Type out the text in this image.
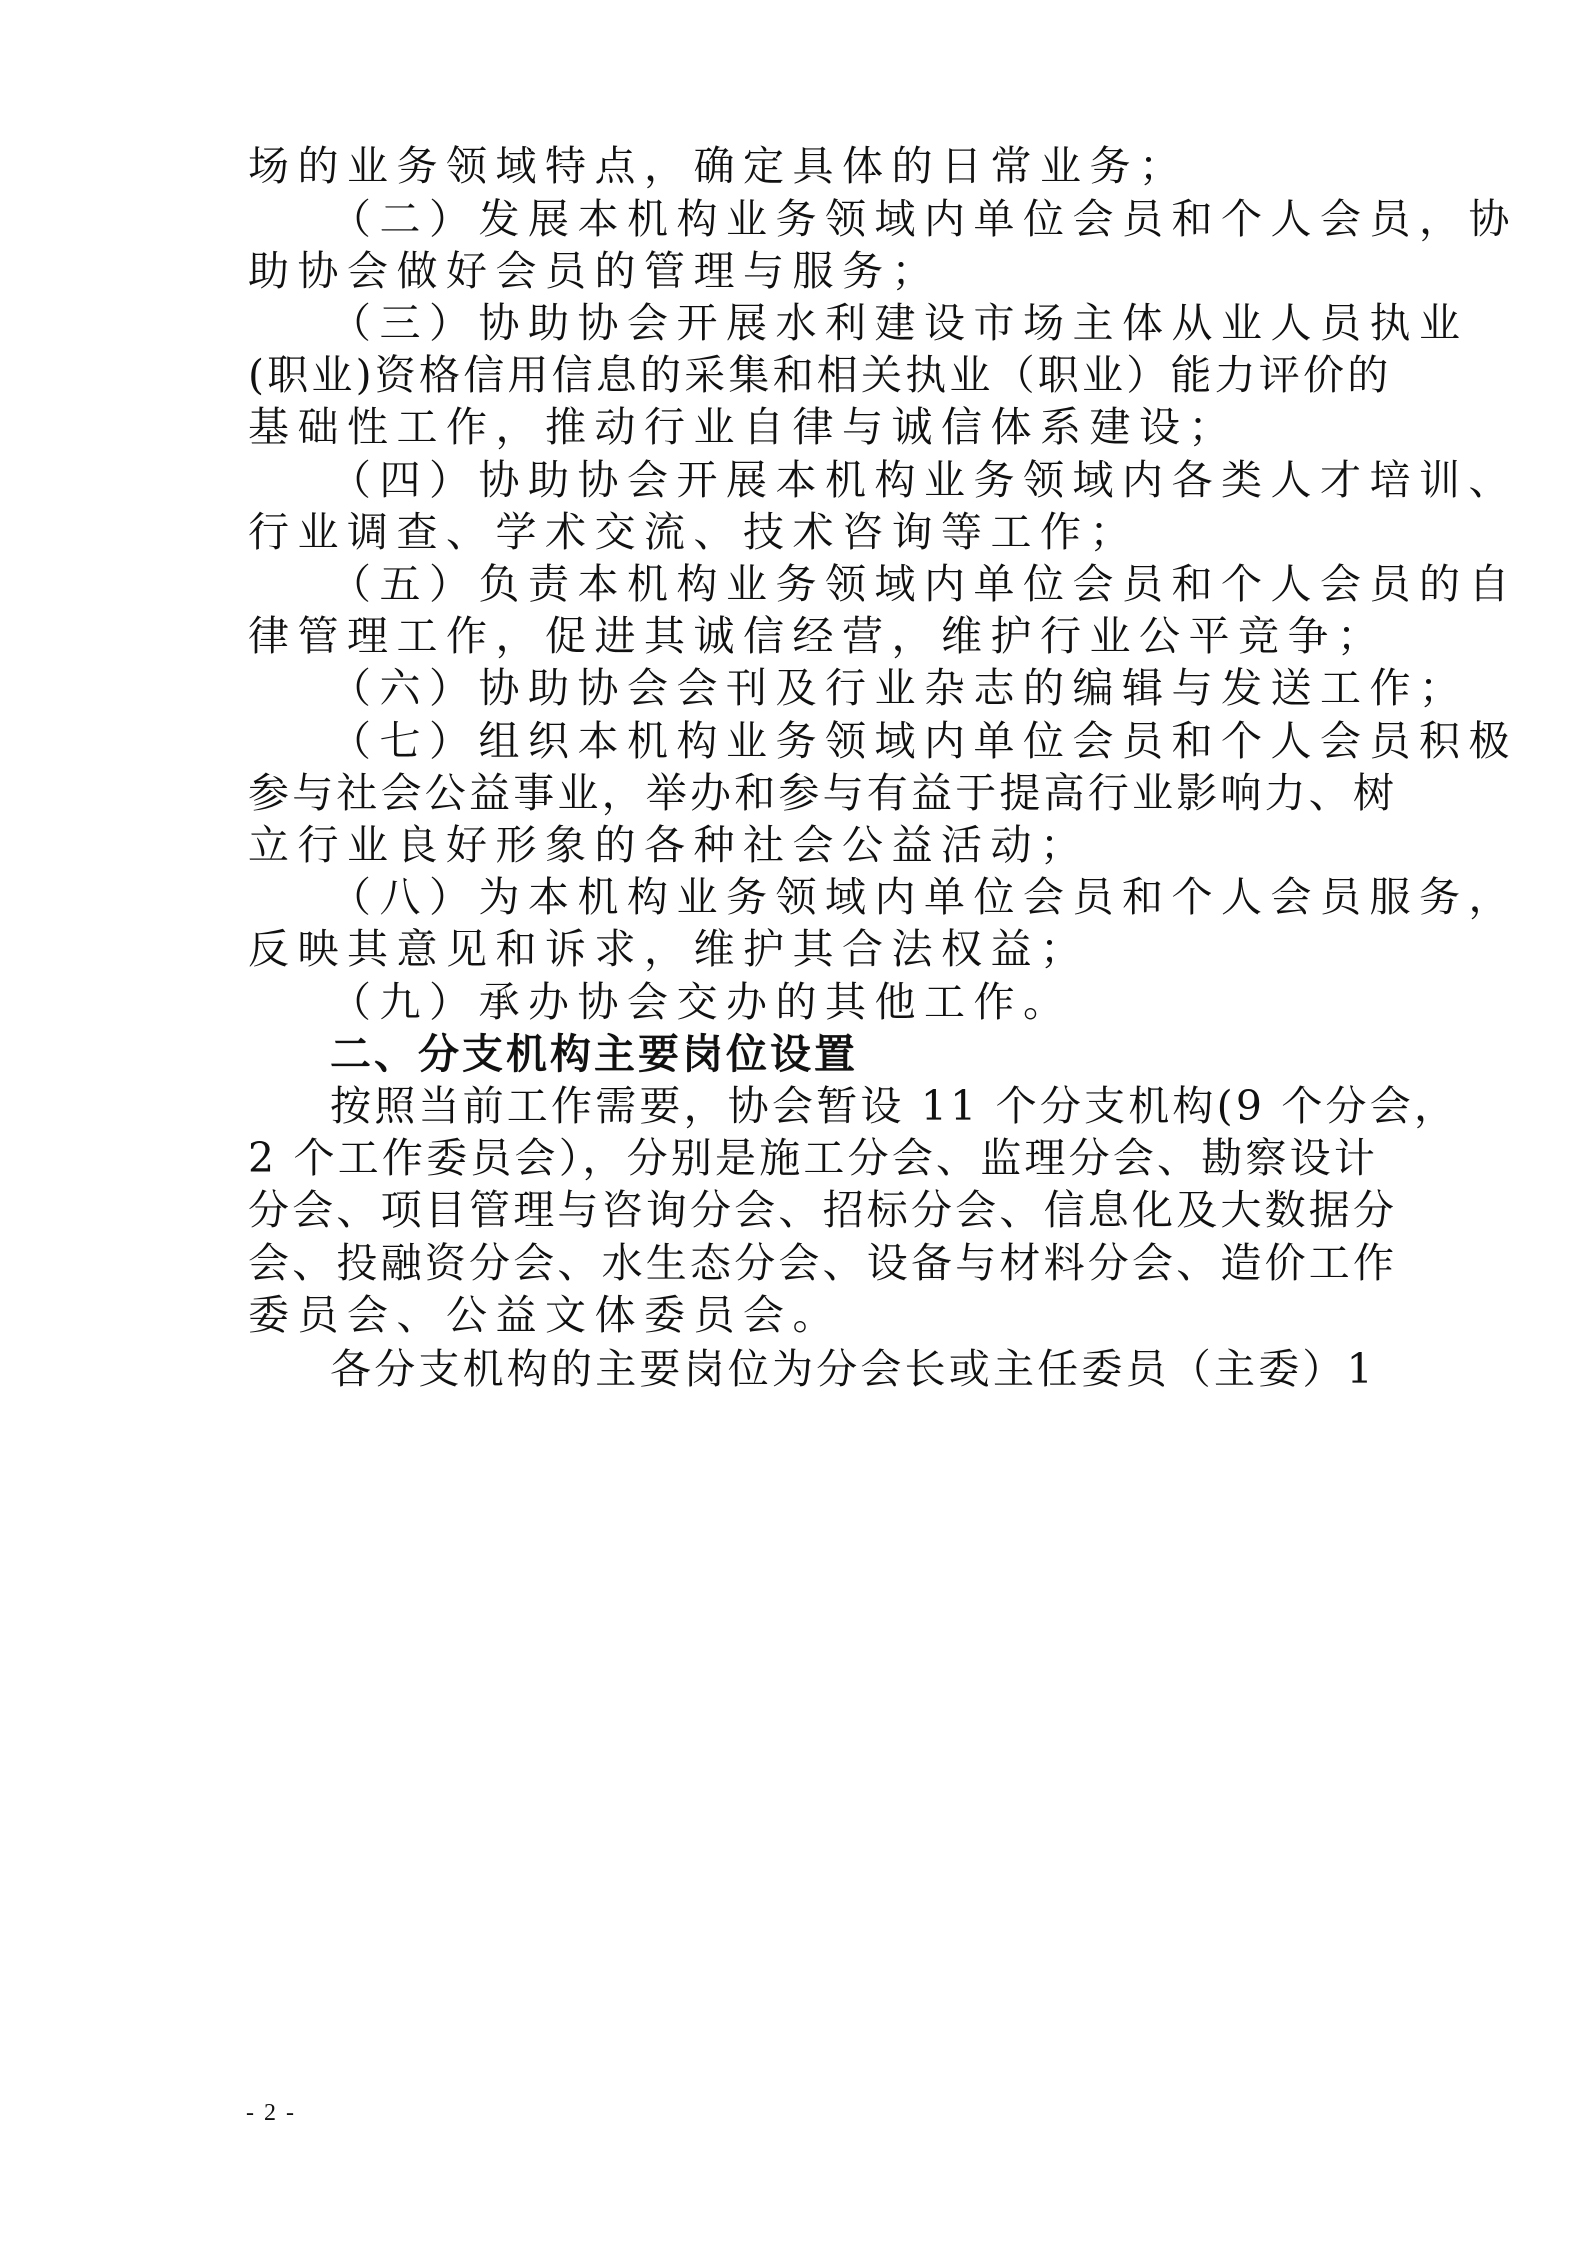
场的业务领域特点，确定具体的日常业务；
（二）发展本机构业务领域内单位会员和个人会员，协
助协会做好会员的管理与服务；
（三）协助协会开展水利建设市场主体从业人员执业
(职业)资格信用信息的采集和相关执业（职业）能力评价的
基础性工作，推动行业自律与诚信体系建设；
（四）协助协会开展本机构业务领域内各类人才培训、
行业调查、学术交流、技术咨询等工作；
（五）负责本机构业务领域内单位会员和个人会员的自
律管理工作，促进其诚信经营，维护行业公平竞争；
（六）协助协会会刊及行业杂志的编辑与发送工作；
（七）组织本机构业务领域内单位会员和个人会员积极
参与社会公益事业，举办和参与有益于提高行业影响力、树
立行业良好形象的各种社会公益活动；
（八）为本机构业务领域内单位会员和个人会员服务，
反映其意见和诉求，维护其合法权益；
（九）承办协会交办的其他工作。
二、分支机构主要岗位设置
按照当前工作需要，协会暂设 11 个分支机构(9 个分会，
2 个工作委员会），分别是施工分会、监理分会、勘察设计
分会、项目管理与咨询分会、招标分会、信息化及大数据分
会、投融资分会、水生态分会、设备与材料分会、造价工作
委员会、公益文体委员会。
各分支机构的主要岗位为分会长或主任委员（主委）1
- 2 -
